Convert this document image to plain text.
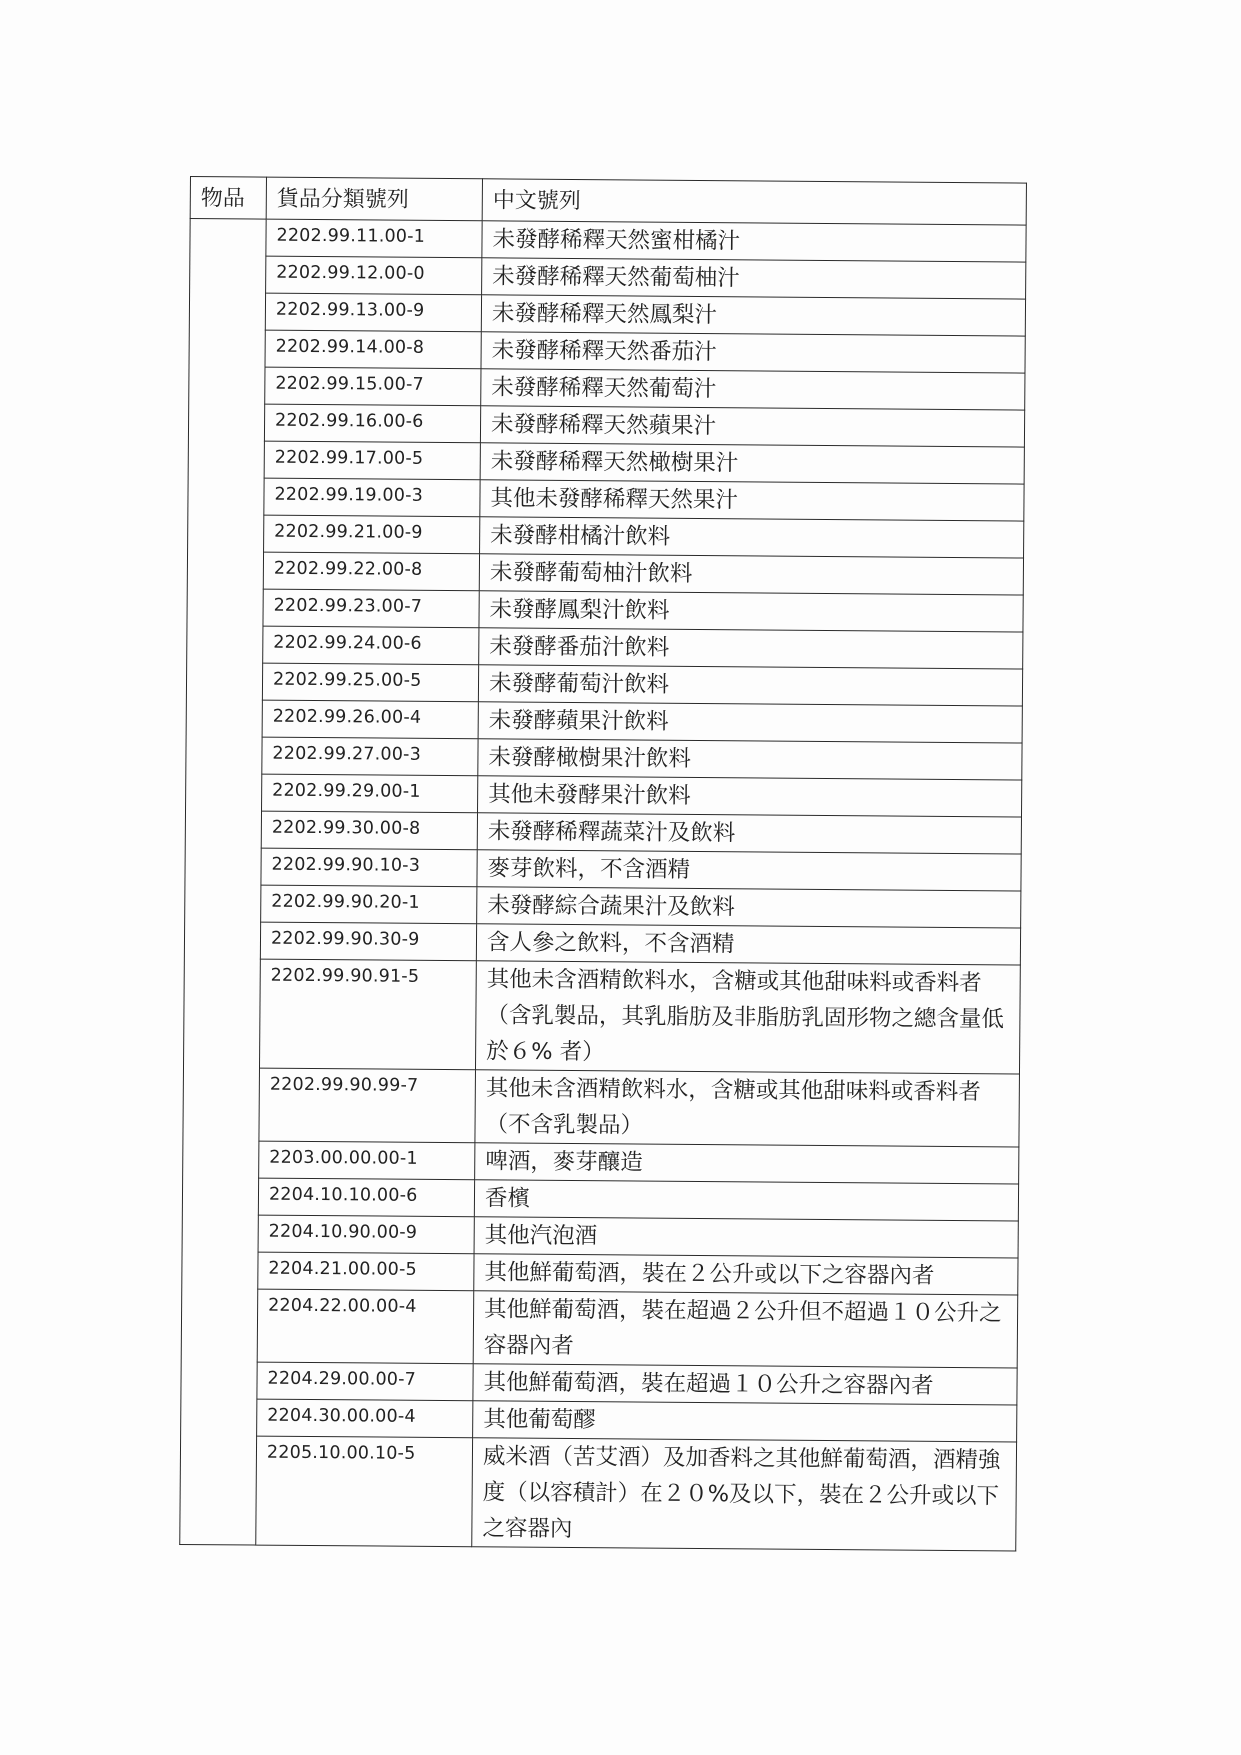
物品	貨品分類號列	中文號列
	2202.99.11.00-1	未發酵稀釋天然蜜柑橘汁
	2202.99.12.00-0	未發酵稀釋天然葡萄柚汁
	2202.99.13.00-9	未發酵稀釋天然鳳梨汁
	2202.99.14.00-8	未發酵稀釋天然番茄汁
	2202.99.15.00-7	未發酵稀釋天然葡萄汁
	2202.99.16.00-6	未發酵稀釋天然蘋果汁
	2202.99.17.00-5	未發酵稀釋天然橄樹果汁
	2202.99.19.00-3	其他未發酵稀釋天然果汁
	2202.99.21.00-9	未發酵柑橘汁飲料
	2202.99.22.00-8	未發酵葡萄柚汁飲料
	2202.99.23.00-7	未發酵鳳梨汁飲料
	2202.99.24.00-6	未發酵番茄汁飲料
	2202.99.25.00-5	未發酵葡萄汁飲料
	2202.99.26.00-4	未發酵蘋果汁飲料
	2202.99.27.00-3	未發酵橄樹果汁飲料
	2202.99.29.00-1	其他未發酵果汁飲料
	2202.99.30.00-8	未發酵稀釋蔬菜汁及飲料
	2202.99.90.10-3	麥芽飲料，不含酒精
	2202.99.90.20-1	未發酵綜合蔬果汁及飲料
	2202.99.90.30-9	含人參之飲料，不含酒精
	2202.99.90.91-5	其他未含酒精飲料水，含糖或其他甜味料或香料者（含乳製品，其乳脂肪及非脂肪乳固形物之總含量低於６% 者）
	2202.99.90.99-7	其他未含酒精飲料水，含糖或其他甜味料或香料者（不含乳製品）
	2203.00.00.00-1	啤酒，麥芽釀造
	2204.10.10.00-6	香檳
	2204.10.90.00-9	其他汽泡酒
	2204.21.00.00-5	其他鮮葡萄酒，裝在２公升或以下之容器內者
	2204.22.00.00-4	其他鮮葡萄酒，裝在超過２公升但不超過１０公升之容器內者
	2204.29.00.00-7	其他鮮葡萄酒，裝在超過１０公升之容器內者
	2204.30.00.00-4	其他葡萄醪
	2205.10.00.10-5	威米酒（苦艾酒）及加香料之其他鮮葡萄酒，酒精強度（以容積計）在２０%及以下，裝在２公升或以下之容器內
